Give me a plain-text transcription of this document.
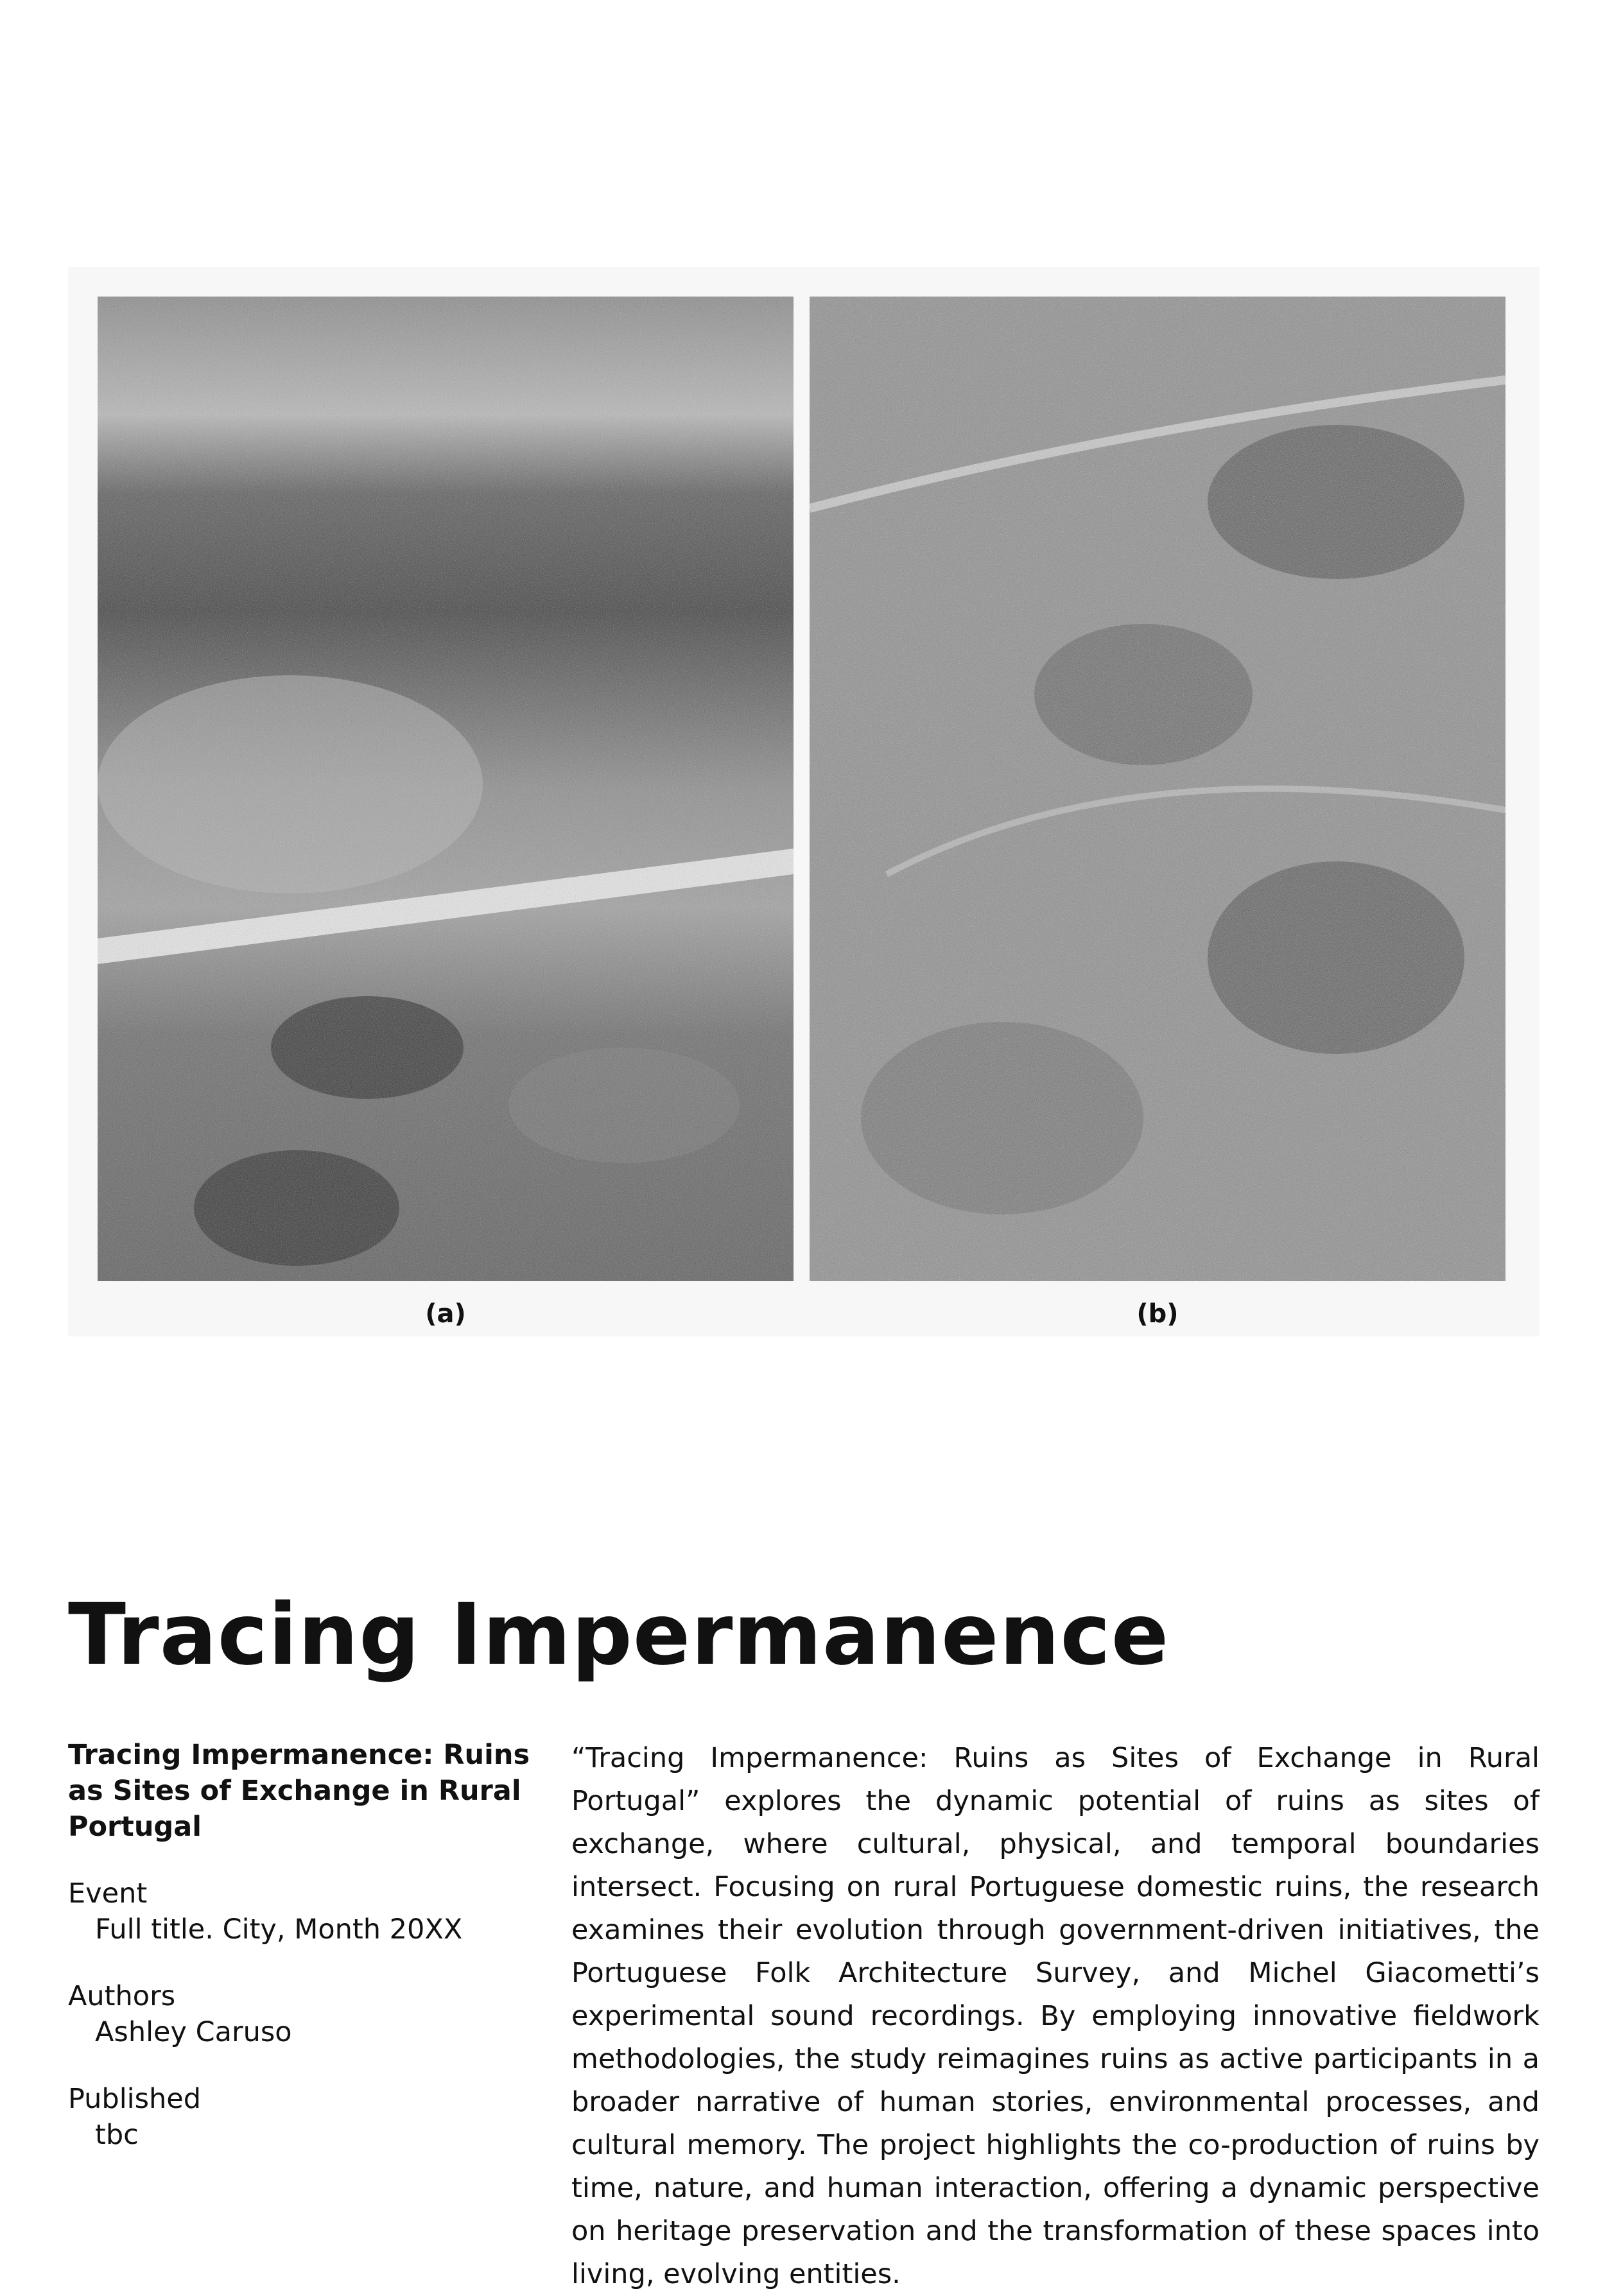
(a)	(b)
Tracing Impermanence
Tracing Impermanence: Ruins as Sites of Exchange in Rural Portugal
Event
Full title. City, Month 20XX
Authors
Ashley Caruso
Published
tbc

“Tracing Impermanence: Ruins as Sites of Exchange in Rural Portugal” explores the dynamic potential of ruins as sites of exchange, where cultural, physical, and temporal boundaries intersect. Focusing on rural Portuguese domestic ruins, the research examines their evolution through government-driven initiatives, the Portuguese Folk Architecture Survey, and Michel Giacometti’s experimental sound recordings. By employing innovative fieldwork methodologies, the study reimagines ruins as active participants in a broader narrative of human stories, environmental processes, and cultural memory. The project highlights the co-production of ruins by time, nature, and human interaction, offering a dynamic perspective on heritage preservation and the transformation of these spaces into living, evolving entities.
